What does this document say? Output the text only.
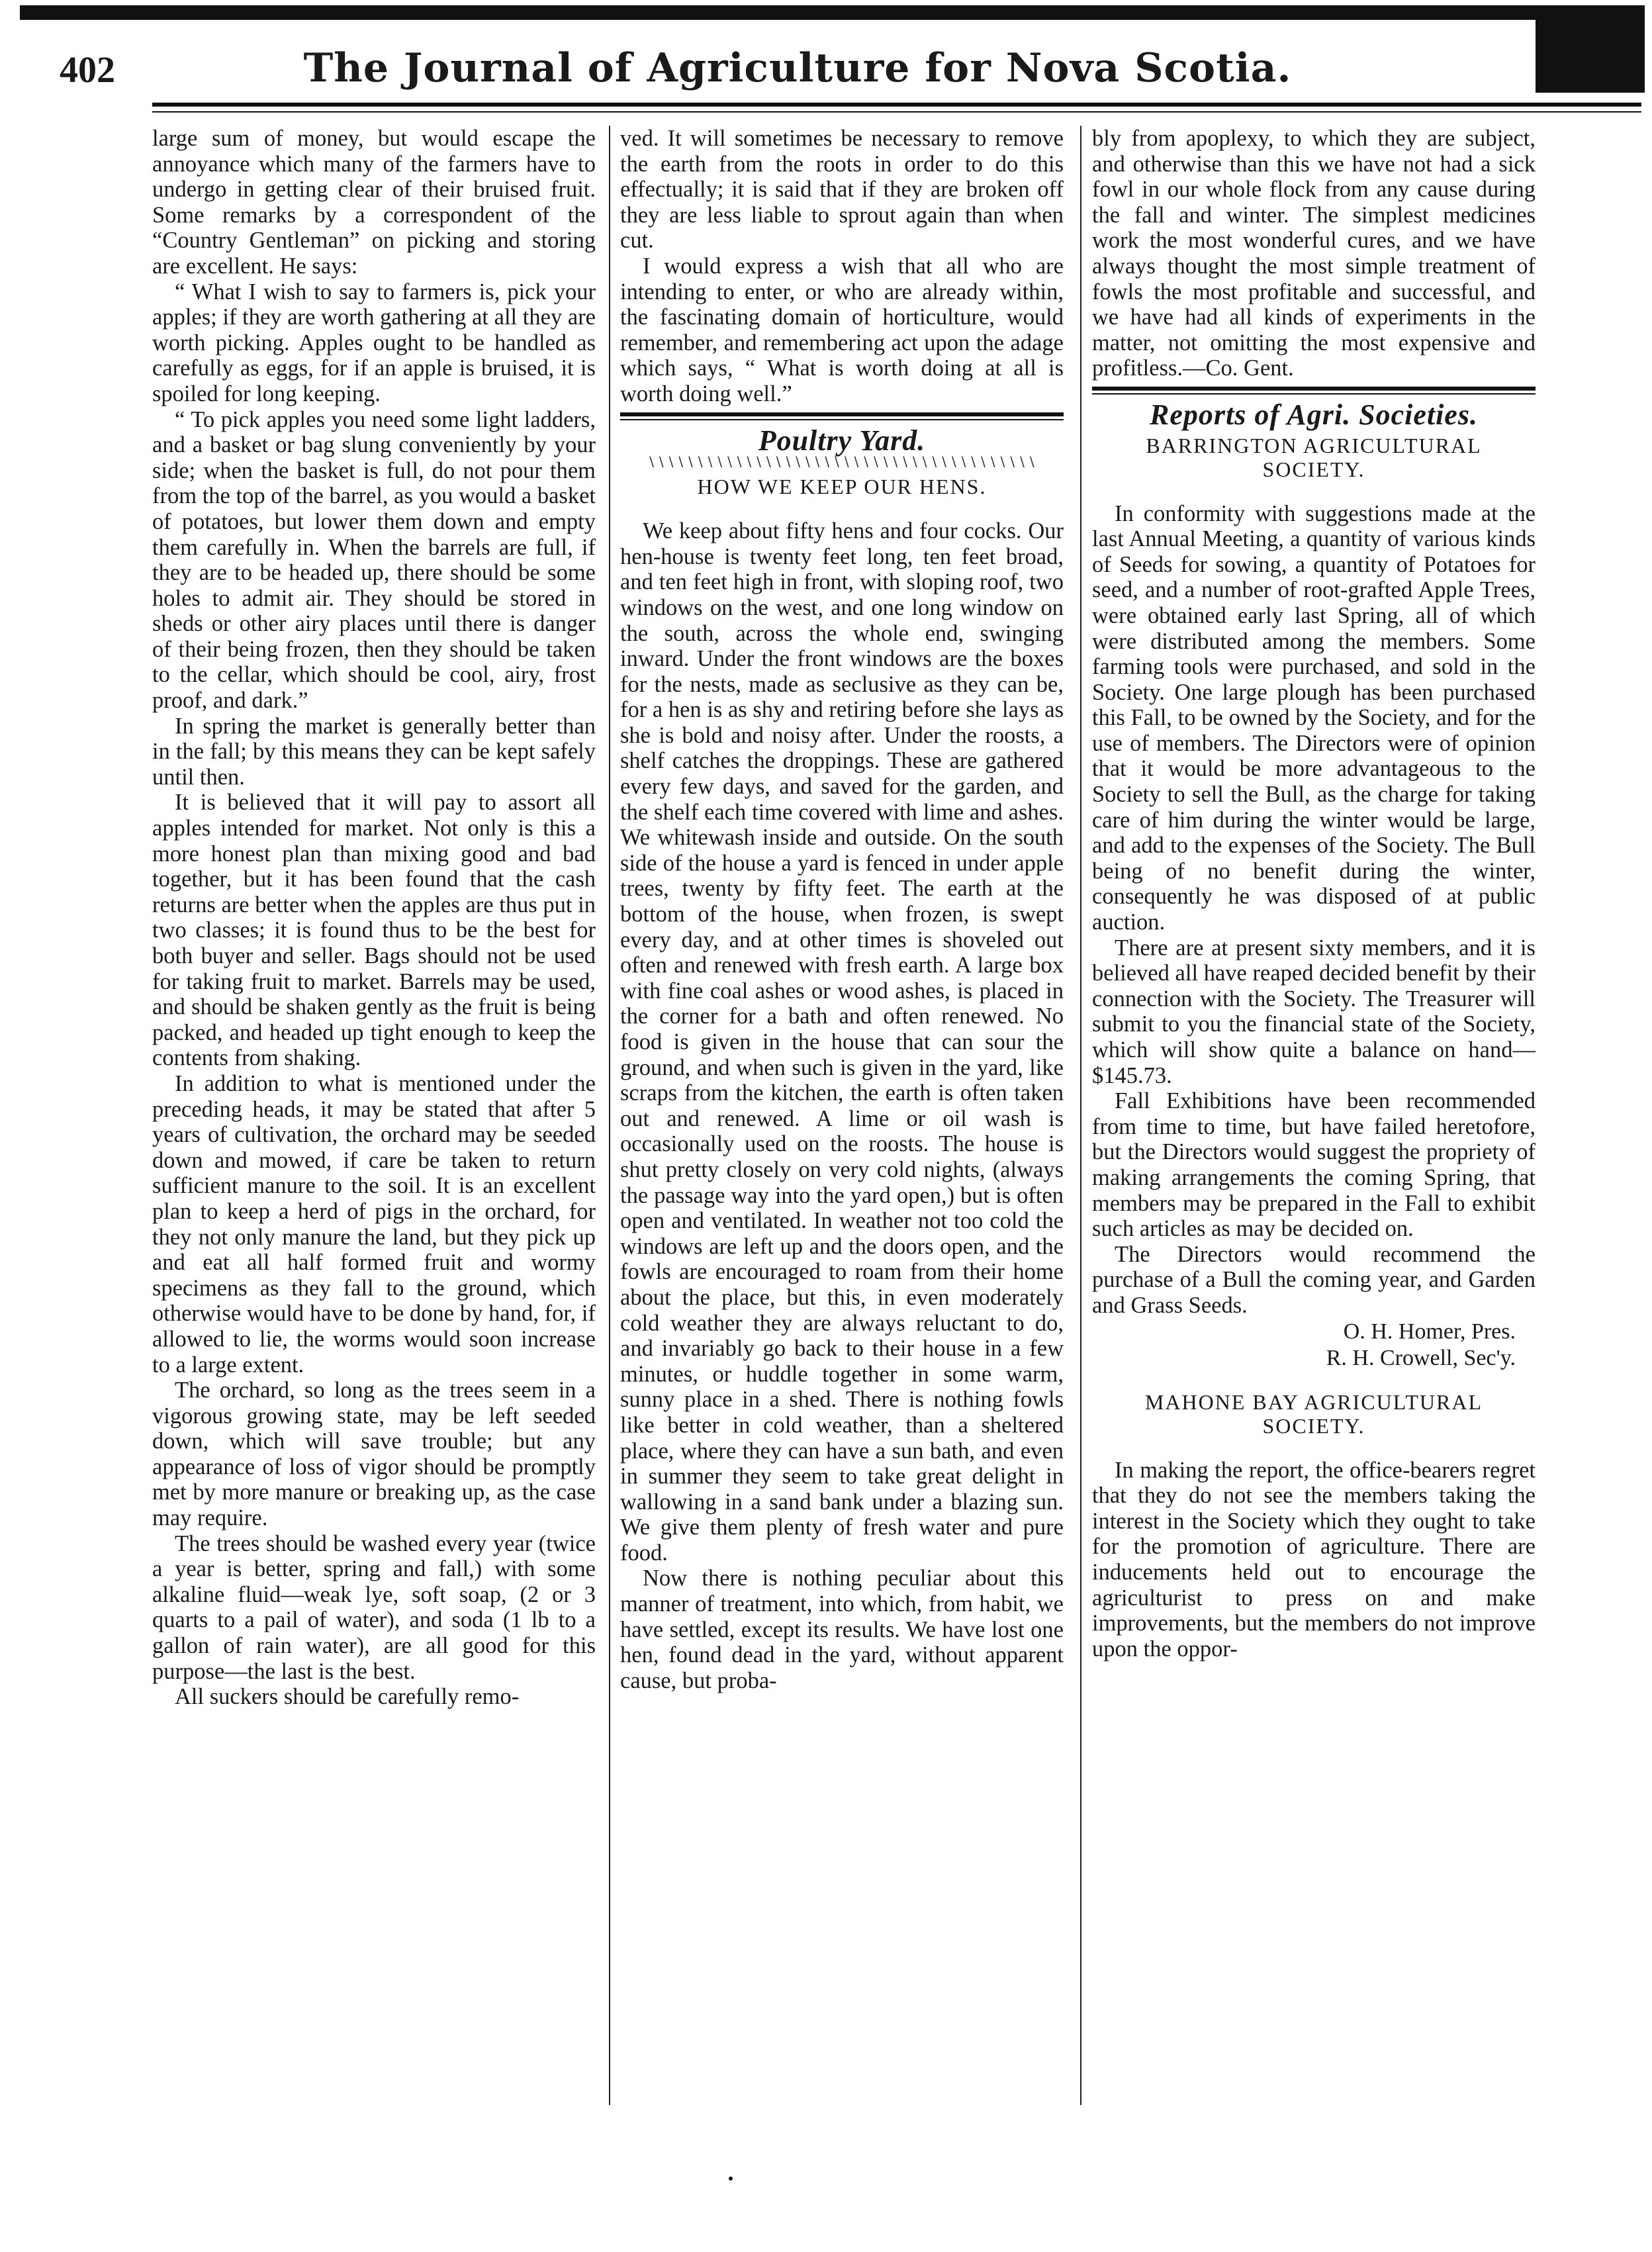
402	The Journal of Agriculture for Nova Scotia.

large sum of money, but would escape the annoyance which many of the farmers have to undergo in getting clear of their bruised fruit. Some remarks by a correspondent of the “Country Gentleman” on picking and storing are excellent. He says:

“ What I wish to say to farmers is, pick your apples; if they are worth gathering at all they are worth picking. Apples ought to be handled as carefully as eggs, for if an apple is bruised, it is spoiled for long keeping.

“ To pick apples you need some light ladders, and a basket or bag slung conveniently by your side; when the basket is full, do not pour them from the top of the barrel, as you would a basket of potatoes, but lower them down and empty them carefully in. When the barrels are full, if they are to be headed up, there should be some holes to admit air. They should be stored in sheds or other airy places until there is danger of their being frozen, then they should be taken to the cellar, which should be cool, airy, frost proof, and dark.”

In spring the market is generally better than in the fall; by this means they can be kept safely until then.

It is believed that it will pay to assort all apples intended for market. Not only is this a more honest plan than mixing good and bad together, but it has been found that the cash returns are better when the apples are thus put in two classes; it is found thus to be the best for both buyer and seller. Bags should not be used for taking fruit to market. Barrels may be used, and should be shaken gently as the fruit is being packed, and headed up tight enough to keep the contents from shaking.

In addition to what is mentioned under the preceding heads, it may be stated that after 5 years of cultivation, the orchard may be seeded down and mowed, if care be taken to return sufficient manure to the soil. It is an excellent plan to keep a herd of pigs in the orchard, for they not only manure the land, but they pick up and eat all half formed fruit and wormy specimens as they fall to the ground, which otherwise would have to be done by hand, for, if allowed to lie, the worms would soon increase to a large extent.

The orchard, so long as the trees seem in a vigorous growing state, may be left seeded down, which will save trouble; but any appearance of loss of vigor should be promptly met by more manure or breaking up, as the case may require.

The trees should be washed every year (twice a year is better, spring and fall,) with some alkaline fluid—weak lye, soft soap, (2 or 3 quarts to a pail of water), and soda (1 lb to a gallon of rain water), are all good for this purpose—the last is the best.

All suckers should be carefully remo-

ved. It will sometimes be necessary to remove the earth from the roots in order to do this effectually; it is said that if they are broken off they are less liable to sprout again than when cut.

I would express a wish that all who are intending to enter, or who are already within, the fascinating domain of horticulture, would remember, and remembering act upon the adage which says, “ What is worth doing at all is worth doing well.”

Poultry Yard.
∖∖∖∖∖∖∖∖∖∖∖∖∖∖∖∖∖∖∖∖∖∖∖∖∖∖∖∖∖∖∖∖∖∖∖∖∖∖∖∖
HOW WE KEEP OUR HENS.

We keep about fifty hens and four cocks. Our hen-house is twenty feet long, ten feet broad, and ten feet high in front, with sloping roof, two windows on the west, and one long window on the south, across the whole end, swinging inward. Under the front windows are the boxes for the nests, made as seclusive as they can be, for a hen is as shy and retiring before she lays as she is bold and noisy after. Under the roosts, a shelf catches the droppings. These are gathered every few days, and saved for the garden, and the shelf each time covered with lime and ashes. We whitewash inside and outside. On the south side of the house a yard is fenced in under apple trees, twenty by fifty feet. The earth at the bottom of the house, when frozen, is swept every day, and at other times is shoveled out often and renewed with fresh earth. A large box with fine coal ashes or wood ashes, is placed in the corner for a bath and often renewed. No food is given in the house that can sour the ground, and when such is given in the yard, like scraps from the kitchen, the earth is often taken out and renewed. A lime or oil wash is occasionally used on the roosts. The house is shut pretty closely on very cold nights, (always the passage way into the yard open,) but is often open and ventilated. In weather not too cold the windows are left up and the doors open, and the fowls are encouraged to roam from their home about the place, but this, in even moderately cold weather they are always reluctant to do, and invariably go back to their house in a few minutes, or huddle together in some warm, sunny place in a shed. There is nothing fowls like better in cold weather, than a sheltered place, where they can have a sun bath, and even in summer they seem to take great delight in wallowing in a sand bank under a blazing sun. We give them plenty of fresh water and pure food.

Now there is nothing peculiar about this manner of treatment, into which, from habit, we have settled, except its results. We have lost one hen, found dead in the yard, without apparent cause, but proba-

bly from apoplexy, to which they are subject, and otherwise than this we have not had a sick fowl in our whole flock from any cause during the fall and winter. The simplest medicines work the most wonderful cures, and we have always thought the most simple treatment of fowls the most profitable and successful, and we have had all kinds of experiments in the matter, not omitting the most expensive and profitless.—Co. Gent.

Reports of Agri. Societies.
BARRINGTON AGRICULTURAL SOCIETY.

In conformity with suggestions made at the last Annual Meeting, a quantity of various kinds of Seeds for sowing, a quantity of Potatoes for seed, and a number of root-grafted Apple Trees, were obtained early last Spring, all of which were distributed among the members. Some farming tools were purchased, and sold in the Society. One large plough has been purchased this Fall, to be owned by the Society, and for the use of members. The Directors were of opinion that it would be more advantageous to the Society to sell the Bull, as the charge for taking care of him during the winter would be large, and add to the expenses of the Society. The Bull being of no benefit during the winter, consequently he was disposed of at public auction.

There are at present sixty members, and it is believed all have reaped decided benefit by their connection with the Society. The Treasurer will submit to you the financial state of the Society, which will show quite a balance on hand—$145.73.

Fall Exhibitions have been recommended from time to time, but have failed heretofore, but the Directors would suggest the propriety of making arrangements the coming Spring, that members may be prepared in the Fall to exhibit such articles as may be decided on.

The Directors would recommend the purchase of a Bull the coming year, and Garden and Grass Seeds.

O. H. Homer, Pres.
R. H. Crowell, Sec'y.
MAHONE BAY AGRICULTURAL SOCIETY.

In making the report, the office-bearers regret that they do not see the members taking the interest in the Society which they ought to take for the promotion of agriculture. There are inducements held out to encourage the agriculturist to press on and make improvements, but the members do not improve upon the oppor-
